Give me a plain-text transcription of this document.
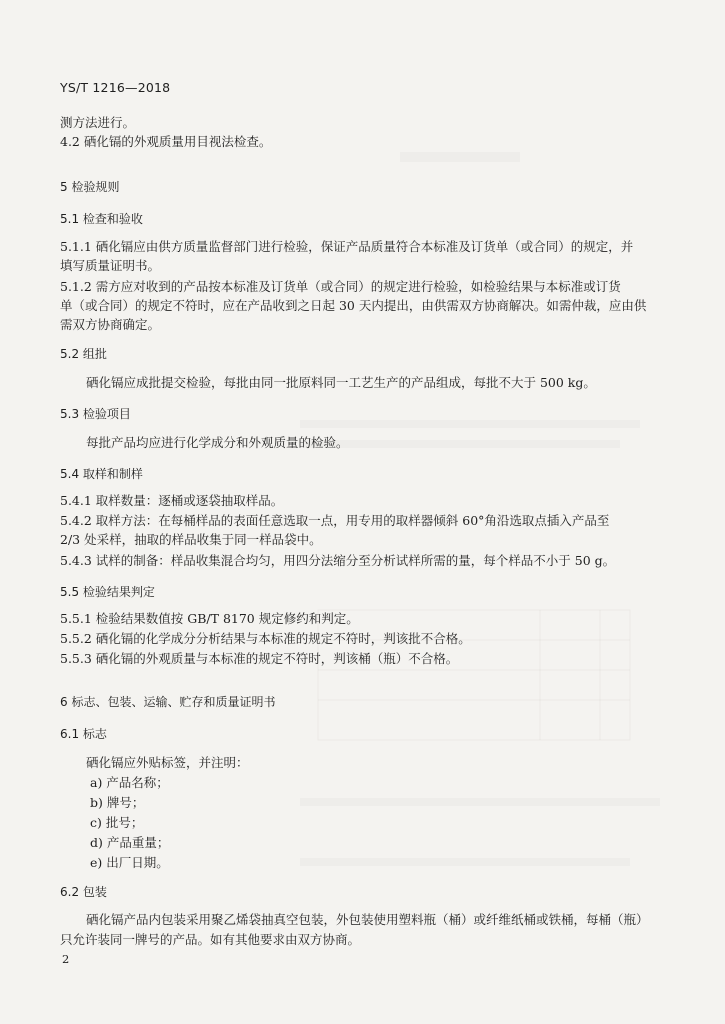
YS/T 1216—2018
测方法进行。
4.2 硒化镉的外观质量用目视法检查。
5 检验规则
5.1 检查和验收
5.1.1 硒化镉应由供方质量监督部门进行检验，保证产品质量符合本标准及订货单（或合同）的规定，并
填写质量证明书。
5.1.2 需方应对收到的产品按本标准及订货单（或合同）的规定进行检验，如检验结果与本标准或订货
单（或合同）的规定不符时，应在产品收到之日起 30 天内提出，由供需双方协商解决。如需仲裁，应由供
需双方协商确定。
5.2 组批
硒化镉应成批提交检验，每批由同一批原料同一工艺生产的产品组成，每批不大于 500 kg。
5.3 检验项目
每批产品均应进行化学成分和外观质量的检验。
5.4 取样和制样
5.4.1 取样数量：逐桶或逐袋抽取样品。
5.4.2 取样方法：在每桶样品的表面任意选取一点，用专用的取样器倾斜 60°角沿选取点插入产品至
2/3 处采样，抽取的样品收集于同一样品袋中。
5.4.3 试样的制备：样品收集混合均匀，用四分法缩分至分析试样所需的量，每个样品不小于 50 g。
5.5 检验结果判定
5.5.1 检验结果数值按 GB/T 8170 规定修约和判定。
5.5.2 硒化镉的化学成分分析结果与本标准的规定不符时，判该批不合格。
5.5.3 硒化镉的外观质量与本标准的规定不符时，判该桶（瓶）不合格。
6 标志、包装、运输、贮存和质量证明书
6.1 标志
硒化镉应外贴标签，并注明：
a) 产品名称；
b) 牌号；
c) 批号；
d) 产品重量；
e) 出厂日期。
6.2 包装
硒化镉产品内包装采用聚乙烯袋抽真空包装，外包装使用塑料瓶（桶）或纤维纸桶或铁桶，每桶（瓶）
只允许装同一牌号的产品。如有其他要求由双方协商。
2
